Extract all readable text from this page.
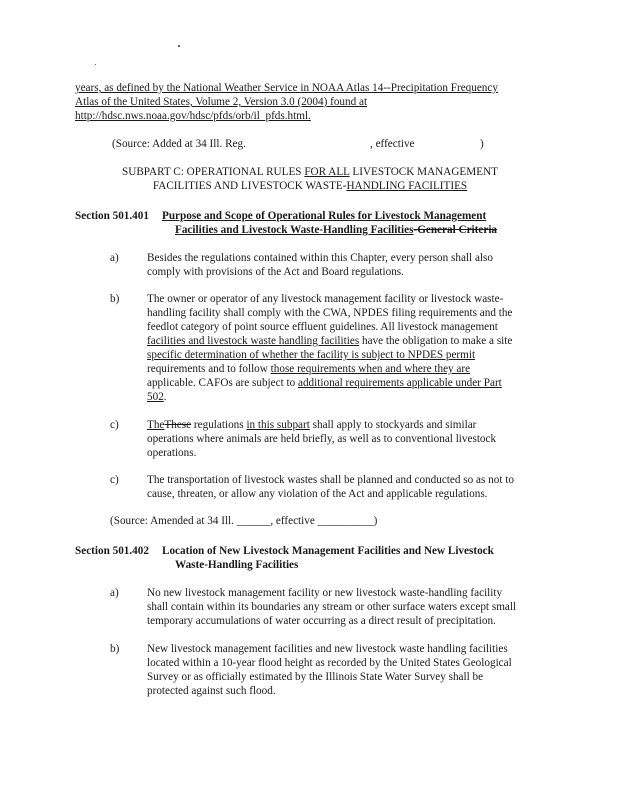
years, as defined by the National Weather Service in NOAA Atlas 14--Precipitation Frequency
Atlas of the United States, Volume 2, Version 3.0 (2004) found at
http://hdsc.nws.noaa.gov/hdsc/pfds/orb/il_pfds.html.
(Source: Added at 34 Ill. Reg.	, effective	)
SUBPART C: OPERATIONAL RULES FOR ALL LIVESTOCK MANAGEMENT
FACILITIES AND LIVESTOCK WASTE-HANDLING FACILITIES
Section 501.401 Purpose and Scope of Operational Rules for Livestock Management
Facilities and Livestock Waste-Handling Facilities-General Criteria
a)	Besides the regulations contained within this Chapter, every person shall also
comply with provisions of the Act and Board regulations.
b) The owner or operator of any livestock management facility or livestock waste-
handling facility shall comply with the CWA, NPDES filing requirements and the
feedlot category of point source effluent guidelines. All livestock management
facilities and livestock waste handling facilities have the obligation to make a site
specific determination of whether the facility is subject to NPDES permit
requirements and to follow those requirements when and where they are
applicable. CAFOs are subject to additional requirements applicable under Part
502.
c)	TheThese regulations in this subpart shall apply to stockyards and similar
operations where animals are held briefly, as well as to conventional livestock
operations.
c)	The transportation of livestock wastes shall be planned and conducted so as not to
cause, threaten, or allow any violation of the Act and applicable regulations.
(Source: Amended at 34 Ill. ______, effective __________)
Section 501.402 Location of New Livestock Management Facilities and New Livestock
Waste-Handling Facilities
a)	No new livestock management facility or new livestock waste-handling facility
shall contain within its boundaries any stream or other surface waters except small
temporary accumulations of water occurring as a direct result of precipitation.
b) New livestock management facilities and new livestock waste handling facilities
located within a 10-year flood height as recorded by the United States Geological
Survey or as officially estimated by the Illinois State Water Survey shall be
protected against such flood.
